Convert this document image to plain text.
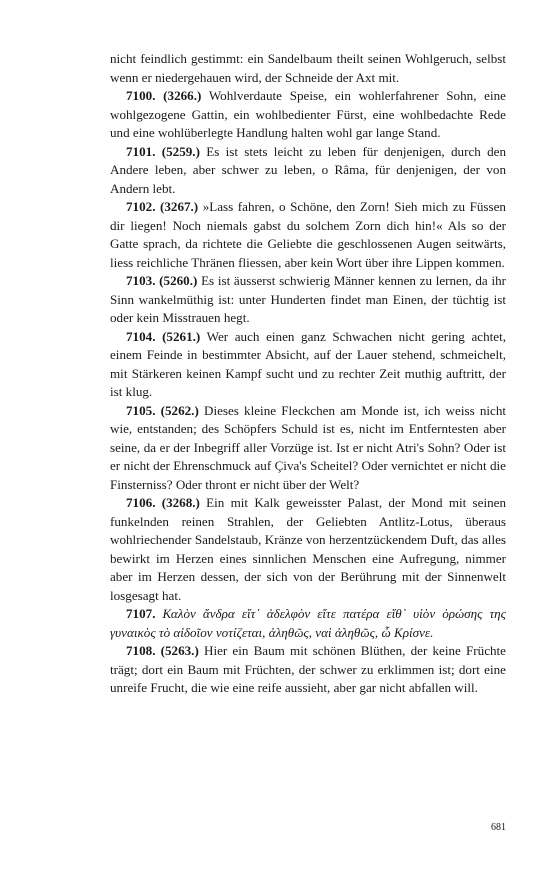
nicht feindlich gestimmt: ein Sandelbaum theilt seinen Wohlgeruch, selbst wenn er niedergehauen wird, der Schneide der Axt mit.

7100. (3266.) Wohlverdaute Speise, ein wohlerfahrener Sohn, eine wohlgezogene Gattin, ein wohlbedienter Fürst, eine wohlbedachte Rede und eine wohlüberlegte Handlung halten wohl gar lange Stand.

7101. (5259.) Es ist stets leicht zu leben für denjenigen, durch den Andere leben, aber schwer zu leben, o Râma, für denjenigen, der von Andern lebt.

7102. (3267.) »Lass fahren, o Schöne, den Zorn! Sieh mich zu Füssen dir liegen! Noch niemals gabst du solchem Zorn dich hin!« Als so der Gatte sprach, da richtete die Geliebte die geschlossenen Augen seitwärts, liess reichliche Thränen fliessen, aber kein Wort über ihre Lippen kommen.

7103. (5260.) Es ist äusserst schwierig Männer kennen zu lernen, da ihr Sinn wankelmüthig ist: unter Hunderten findet man Einen, der tüchtig ist oder kein Misstrauen hegt.

7104. (5261.) Wer auch einen ganz Schwachen nicht gering achtet, einem Feinde in bestimmter Absicht, auf der Lauer stehend, schmeichelt, mit Stärkeren keinen Kampf sucht und zu rechter Zeit muthig auftritt, der ist klug.

7105. (5262.) Dieses kleine Fleckchen am Monde ist, ich weiss nicht wie, entstanden; des Schöpfers Schuld ist es, nicht im Entferntesten aber seine, da er der Inbegriff aller Vorzüge ist. Ist er nicht Atri's Sohn? Oder ist er nicht der Ehrenschmuck auf Çiva's Scheitel? Oder vernichtet er nicht die Finsterniss? Oder thront er nicht über der Welt?

7106. (3268.) Ein mit Kalk geweisster Palast, der Mond mit seinen funkelnden reinen Strahlen, der Geliebten Antlitz-Lotus, überaus wohlriechender Sandelstaub, Kränze von herzentzückendem Duft, das alles bewirkt im Herzen eines sinnlichen Menschen eine Aufregung, nimmer aber im Herzen dessen, der sich von der Berührung mit der Sinnenwelt losgesagt hat.

7107. Καλὸν ἄνδρα εἴτ᾽ ἀδελφὸν εἴτε πατέρα εἴθ᾽ υἱὸν ὁρώσης της γυναικὸς τὸ αἰδοῖον νοτίζεται, ἀληθῶς, ναὶ ἀληθῶς, ὦ Κρίσνε.

7108. (5263.) Hier ein Baum mit schönen Blüthen, der keine Früchte trägt; dort ein Baum mit Früchten, der schwer zu erklimmen ist; dort eine unreife Frucht, die wie eine reife aussieht, aber gar nicht abfallen will.

681
